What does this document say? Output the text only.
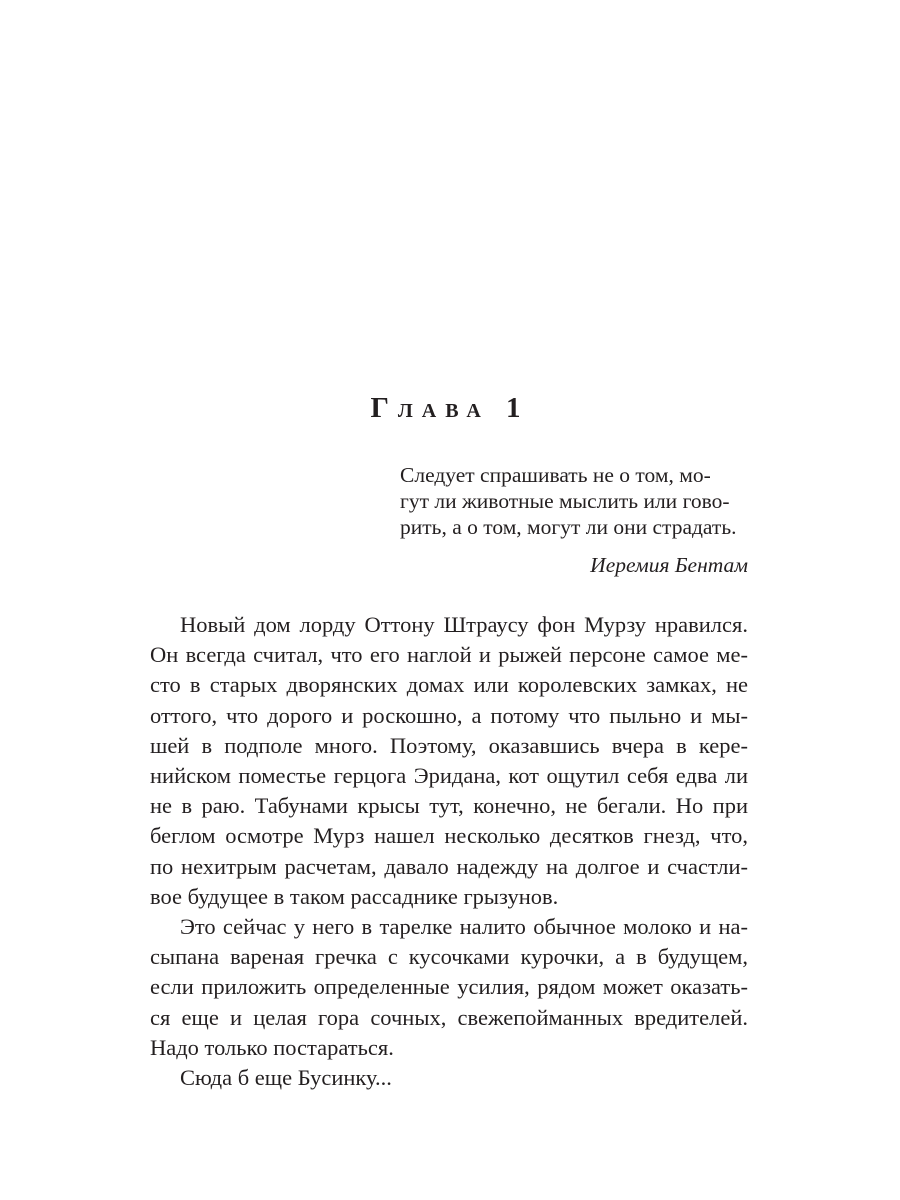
Глава 1
Следует спрашивать не о том, мо-
гут ли животные мыслить или гово-
рить, а о том, могут ли они страдать.
Иеремия Бентам
Новый дом лорду Оттону Штраусу фон Мурзу нравился.
Он всегда считал, что его наглой и рыжей персоне самое ме-
сто в старых дворянских домах или королевских замках, не
оттого, что дорого и роскошно, а потому что пыльно и мы-
шей в подполе много. Поэтому, оказавшись вчера в кере-
нийском поместье герцога Эридана, кот ощутил себя едва ли
не в раю. Табунами крысы тут, конечно, не бегали. Но при
беглом осмотре Мурз нашел несколько десятков гнезд, что,
по нехитрым расчетам, давало надежду на долгое и счастли-
вое будущее в таком рассаднике грызунов.
Это сейчас у него в тарелке налито обычное молоко и на-
сыпана вареная гречка с кусочками курочки, а в будущем,
если приложить определенные усилия, рядом может оказать-
ся еще и целая гора сочных, свежепойманных вредителей.
Надо только постараться.
Сюда б еще Бусинку...
